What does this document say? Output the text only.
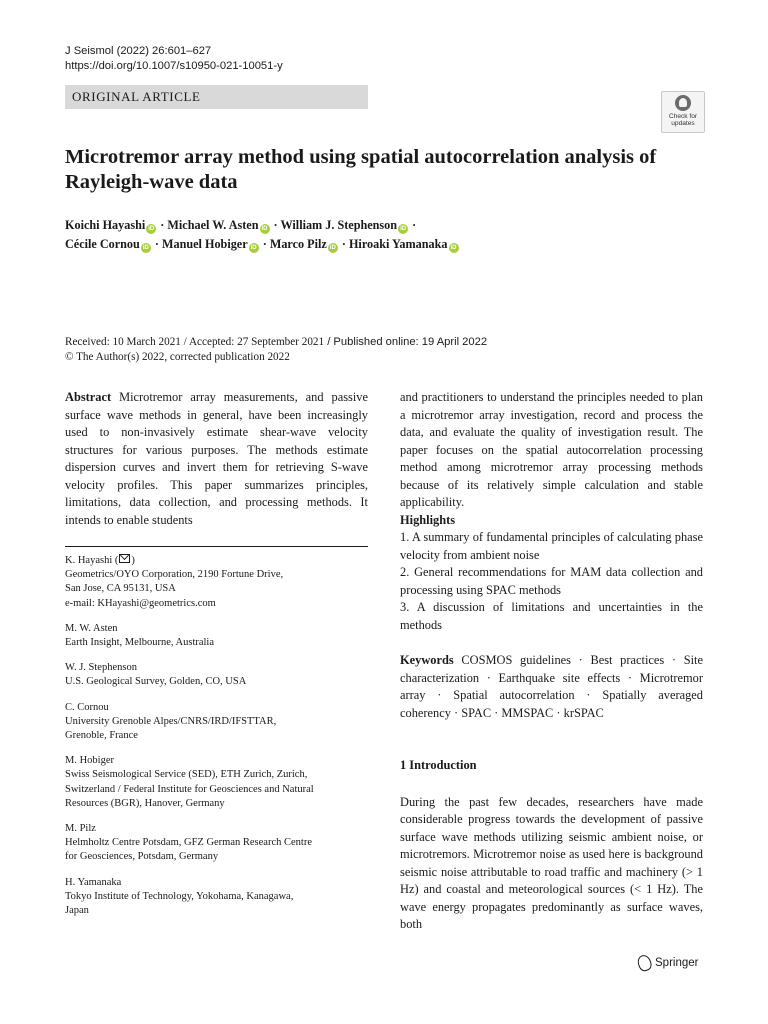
J Seismol (2022) 26:601–627
https://doi.org/10.1007/s10950-021-10051-y
ORIGINAL ARTICLE
Check for
updates
Microtremor array method using spatial autocorrelation analysis of Rayleigh-wave data
Koichi Hayashi iD · Michael W. Asten iD · William J. Stephenson iD ·
Cécile Cornou iD · Manuel Hobiger iD · Marco Pilz iD · Hiroaki Yamanaka iD
Received: 10 March 2021 / Accepted: 27 September 2021 / Published online: 19 April 2022
© The Author(s) 2022, corrected publication 2022
Abstract Microtremor array measurements, and passive surface wave methods in general, have been increasingly used to non-invasively estimate shear-wave velocity structures for various purposes. The methods estimate dispersion curves and invert them for retrieving S-wave velocity profiles. This paper summarizes principles, limitations, data collection, and processing methods. It intends to enable students

K. Hayashi ( )
Geometrics/OYO Corporation, 2190 Fortune Drive,
San Jose, CA 95131, USA
e-mail: KHayashi@geometrics.com

M. W. Asten
Earth Insight, Melbourne, Australia

W. J. Stephenson
U.S. Geological Survey, Golden, CO, USA

C. Cornou
University Grenoble Alpes/CNRS/IRD/IFSTTAR,
Grenoble, France

M. Hobiger
Swiss Seismological Service (SED), ETH Zurich, Zurich,
Switzerland / Federal Institute for Geosciences and Natural
Resources (BGR), Hanover, Germany

M. Pilz
Helmholtz Centre Potsdam, GFZ German Research Centre
for Geosciences, Potsdam, Germany

H. Yamanaka
Tokyo Institute of Technology, Yokohama, Kanagawa,
Japan

and practitioners to understand the principles needed to plan a microtremor array investigation, record and process the data, and evaluate the quality of investigation result. The paper focuses on the spatial autocorrelation processing method among microtremor array processing methods because of its relatively simple calculation and stable applicability.

Highlights

1. A summary of fundamental principles of calculating phase velocity from ambient noise

2. General recommendations for MAM data collection and processing using SPAC methods

3. A discussion of limitations and uncertainties in the methods

Keywords COSMOS guidelines · Best practices · Site characterization · Earthquake site effects · Microtremor array · Spatial autocorrelation · Spatially averaged coherency · SPAC · MMSPAC · krSPAC

1 Introduction

During the past few decades, researchers have made considerable progress towards the development of passive surface wave methods utilizing seismic ambient noise, or microtremors. Microtremor noise as used here is background seismic noise attributable to road traffic and machinery (> 1 Hz) and coastal and meteorological sources (< 1 Hz). The wave energy propagates predominantly as surface waves, both

Springer
